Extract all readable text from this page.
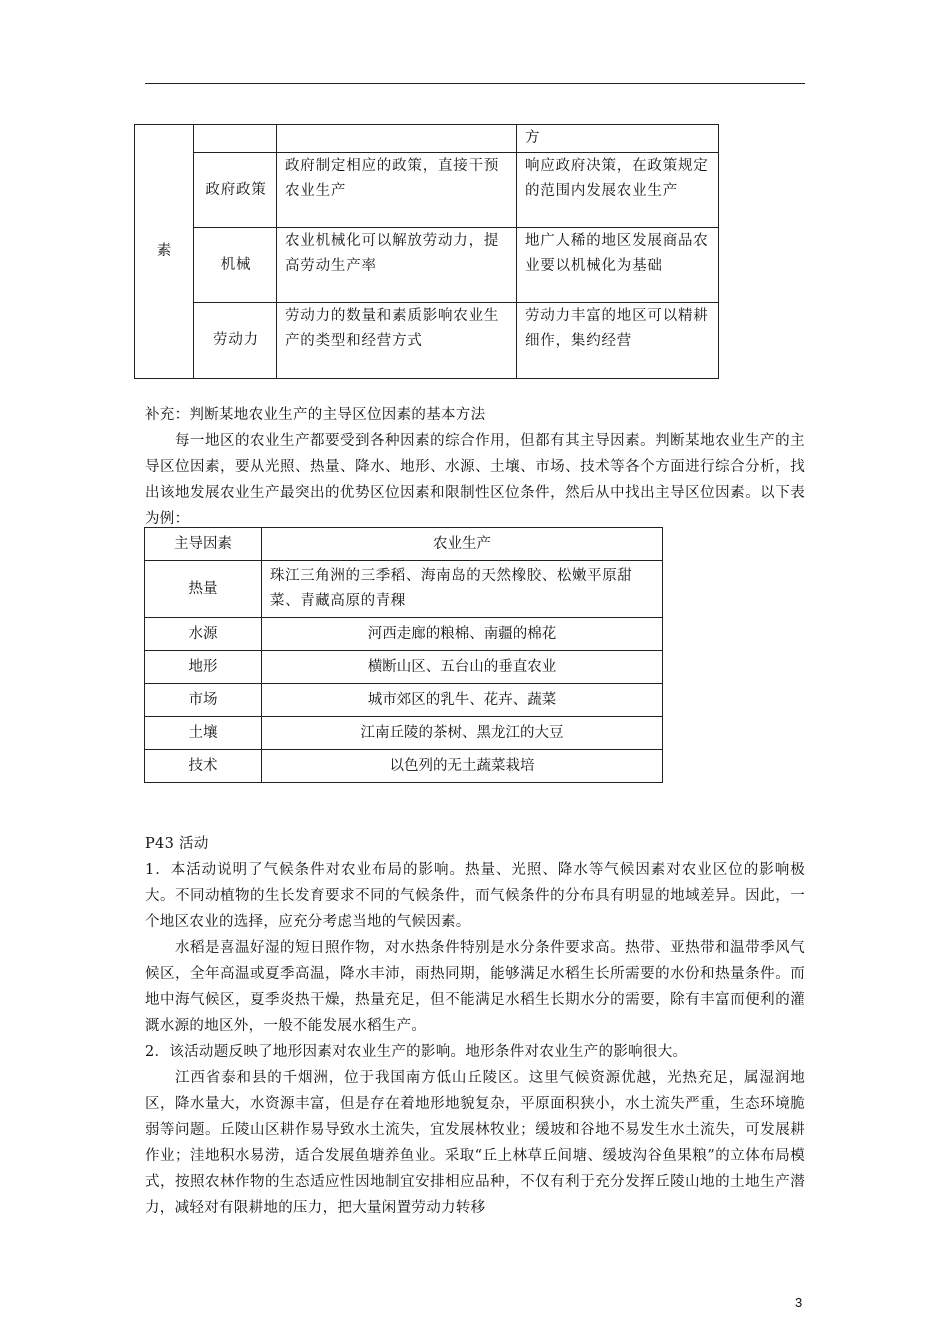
素			方
	政府政策	政府制定相应的政策，直接干预农业生产	响应政府决策，在政策规定的范围内发展农业生产
	机械	农业机械化可以解放劳动力，提高劳动生产率	地广人稀的地区发展商品农业要以机械化为基础
	劳动力	劳动力的数量和素质影响农业生产的类型和经营方式	劳动力丰富的地区可以精耕细作，集约经营
补充：判断某地农业生产的主导区位因素的基本方法
每一地区的农业生产都要受到各种因素的综合作用，但都有其主导因素。判断某地农业生产的主导区位因素，要从光照、热量、降水、地形、水源、土壤、市场、技术等各个方面进行综合分析，找出该地发展农业生产最突出的优势区位因素和限制性区位条件，然后从中找出主导区位因素。以下表为例：
主导因素	农业生产
热量	珠江三角洲的三季稻、海南岛的天然橡胶、松嫩平原甜菜、青藏高原的青稞
水源	河西走廊的粮棉、南疆的棉花
地形	横断山区、五台山的垂直农业
市场	城市郊区的乳牛、花卉、蔬菜
土壤	江南丘陵的茶树、黑龙江的大豆
技术	以色列的无土蔬菜栽培
P43 活动
1．本活动说明了气候条件对农业布局的影响。热量、光照、降水等气候因素对农业区位的影响极大。不同动植物的生长发育要求不同的气候条件，而气候条件的分布具有明显的地域差异。因此，一个地区农业的选择，应充分考虑当地的气候因素。
水稻是喜温好湿的短日照作物，对水热条件特别是水分条件要求高。热带、亚热带和温带季风气候区，全年高温或夏季高温，降水丰沛，雨热同期，能够满足水稻生长所需要的水份和热量条件。而地中海气候区，夏季炎热干燥，热量充足，但不能满足水稻生长期水分的需要，除有丰富而便利的灌溉水源的地区外，一般不能发展水稻生产。
2．该活动题反映了地形因素对农业生产的影响。地形条件对农业生产的影响很大。
江西省泰和县的千烟洲，位于我国南方低山丘陵区。这里气候资源优越，光热充足，属湿润地区，降水量大，水资源丰富，但是存在着地形地貌复杂，平原面积狭小，水土流失严重，生态环境脆弱等问题。丘陵山区耕作易导致水土流失，宜发展林牧业；缓坡和谷地不易发生水土流失，可发展耕作业；洼地积水易涝，适合发展鱼塘养鱼业。采取“丘上林草丘间塘、缓坡沟谷鱼果粮”的立体布局模式，按照农林作物的生态适应性因地制宜安排相应品种，不仅有利于充分发挥丘陵山地的土地生产潜力，减轻对有限耕地的压力，把大量闲置劳动力转移
3
